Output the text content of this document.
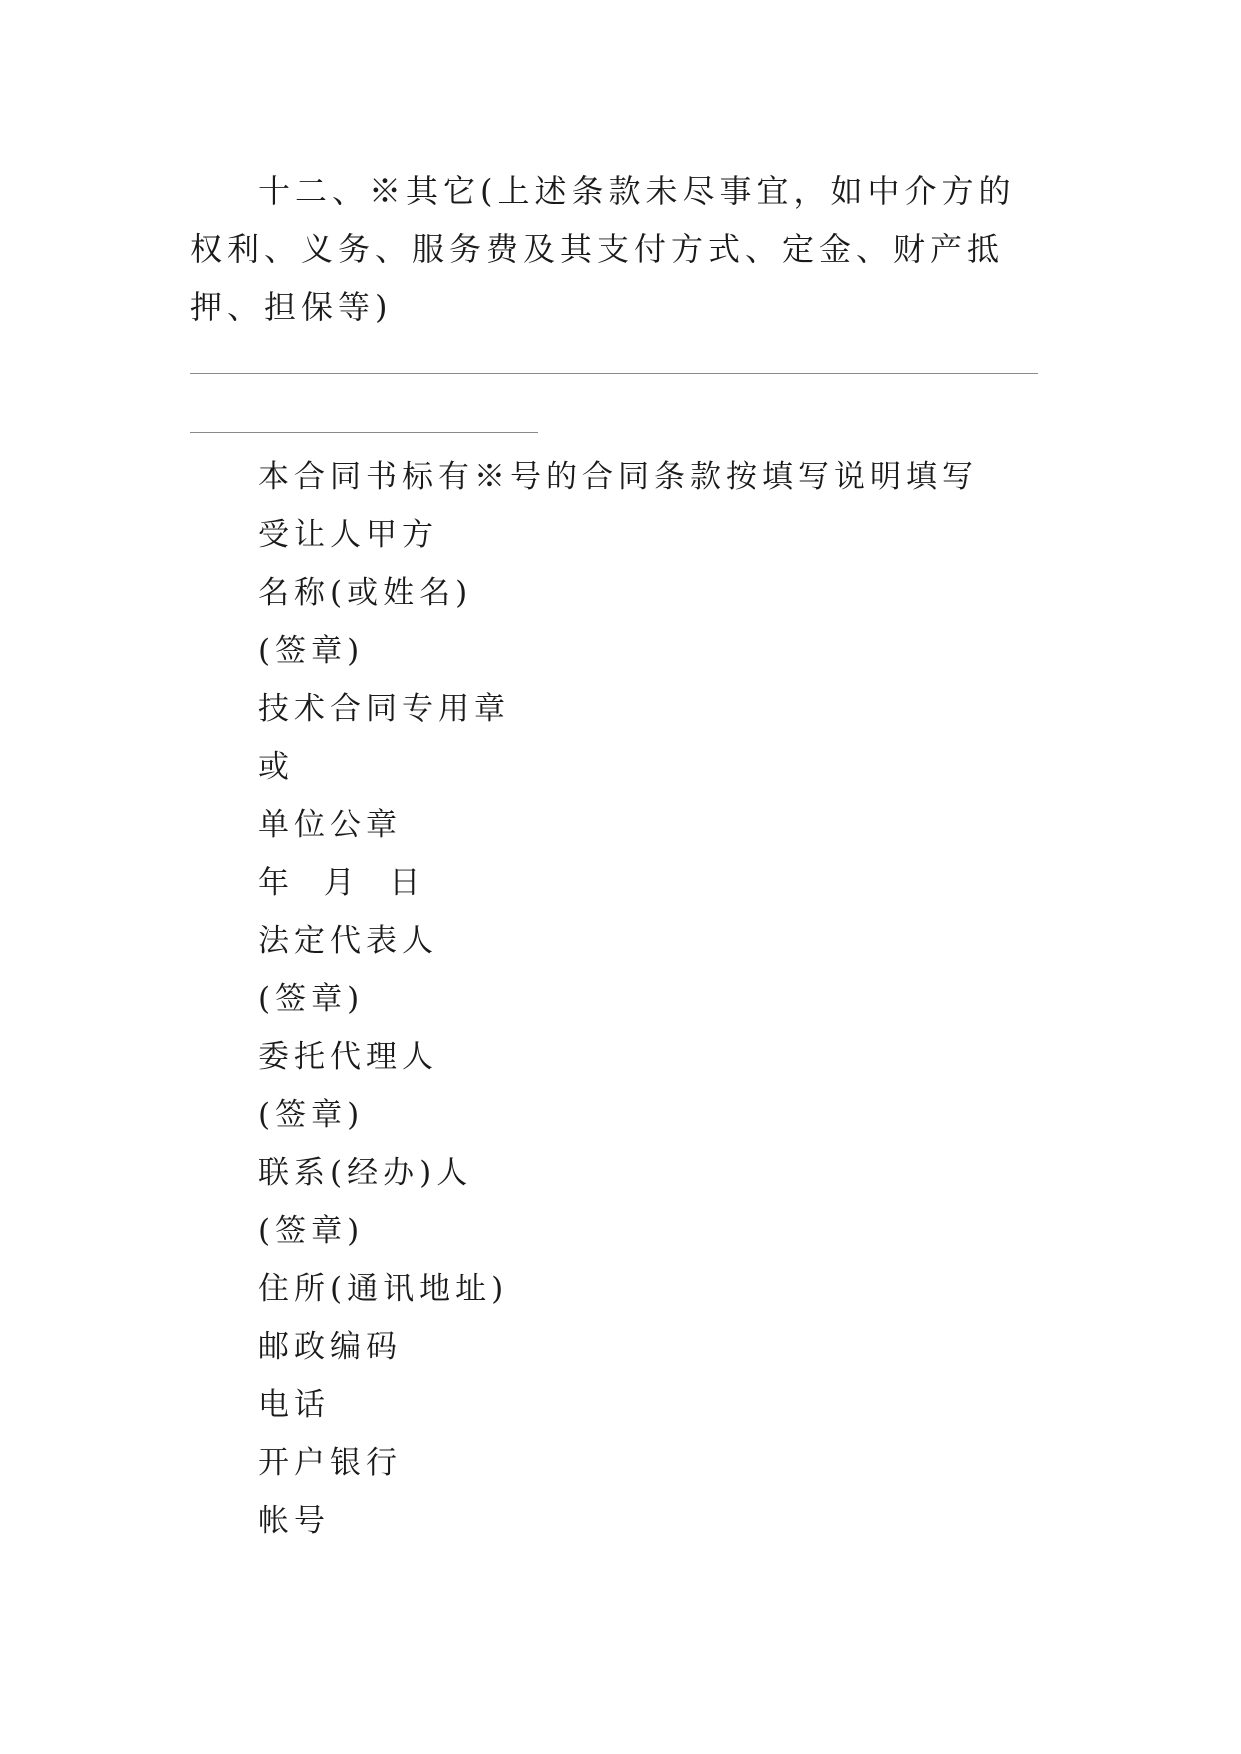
十二、※其它(上述条款未尽事宜，如中介方的权利、义务、服务费及其支付方式、定金、财产抵押、担保等)

本合同书标有※号的合同条款按填写说明填写
受让人甲方
名称(或姓名)
(签章)
技术合同专用章
或
单位公章
年  月  日
法定代表人
(签章)
委托代理人
(签章)
联系(经办)人
(签章)
住所(通讯地址)
邮政编码
电话
开户银行
帐号
